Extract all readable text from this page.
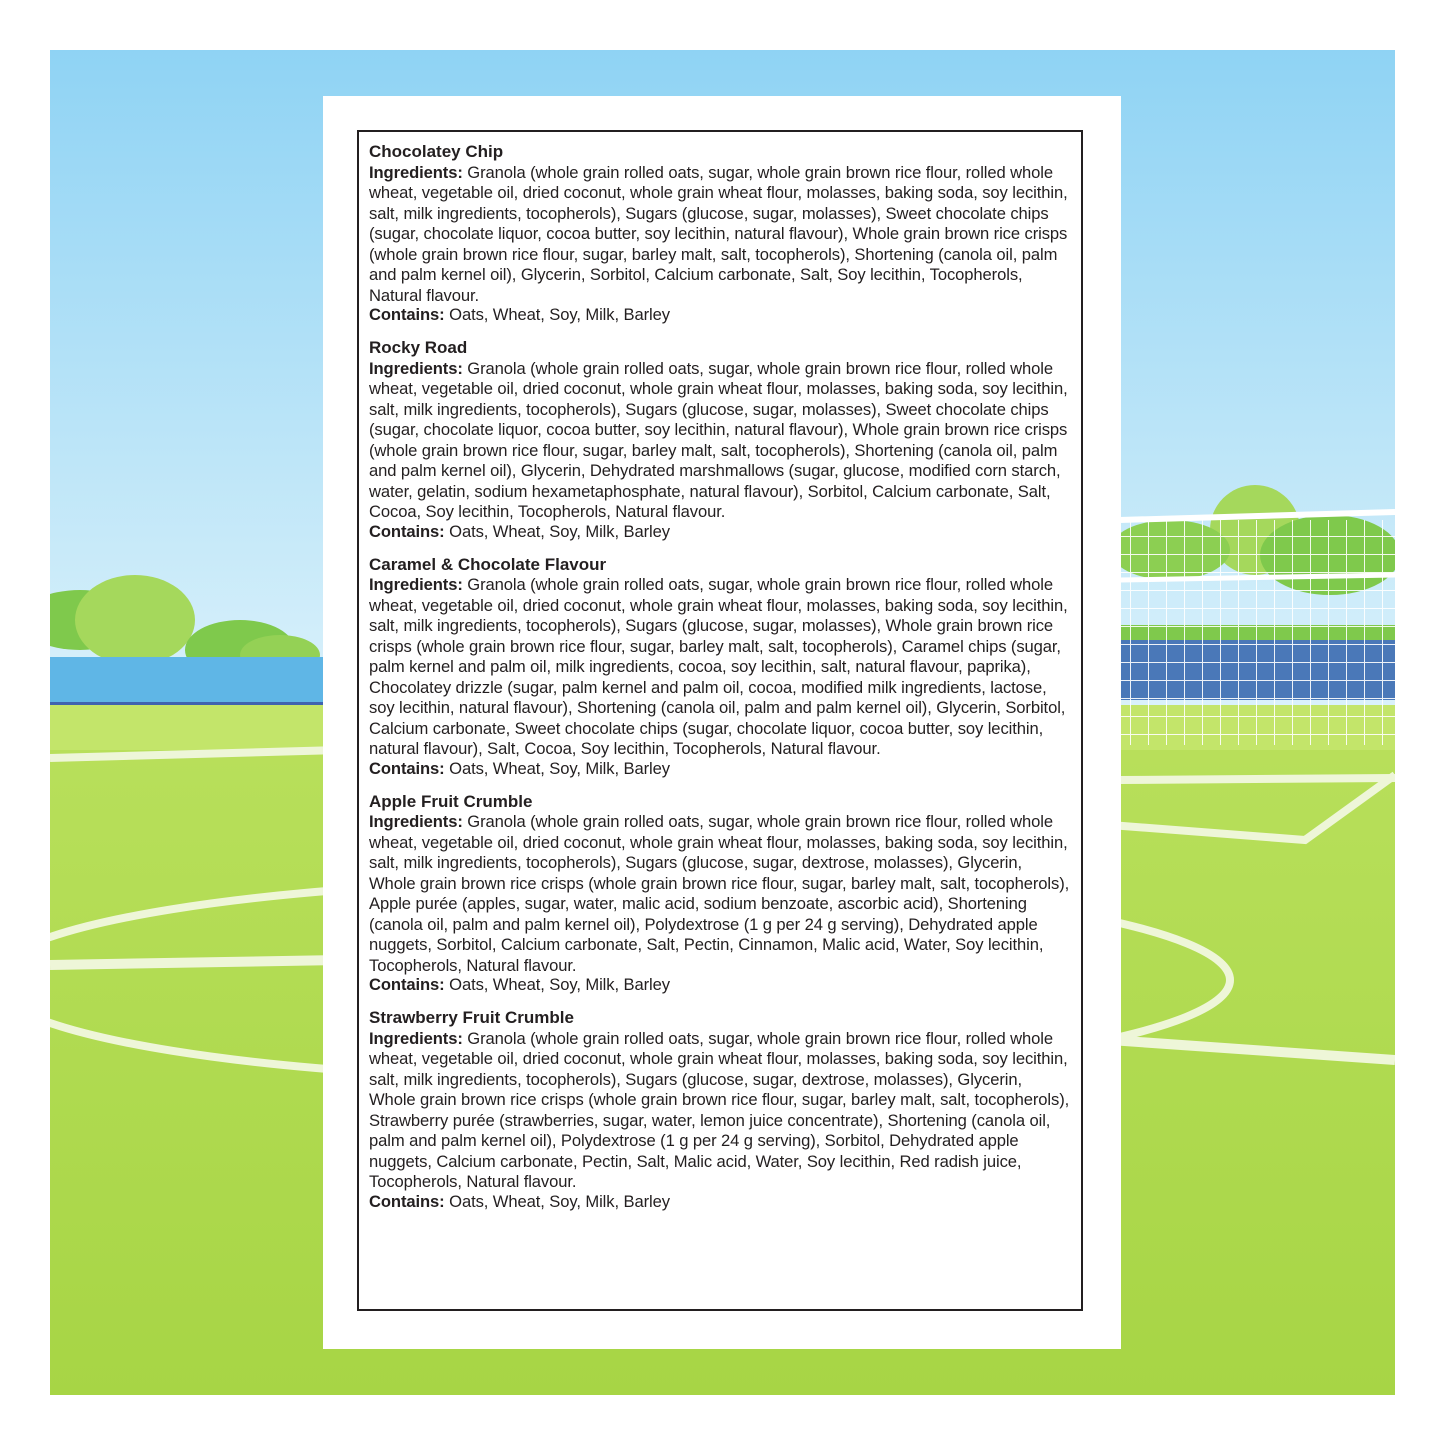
Chocolatey Chip

Ingredients: Granola (whole grain rolled oats, sugar, whole grain brown rice flour, rolled whole wheat, vegetable oil, dried coconut, whole grain wheat flour, molasses, baking soda, soy lecithin, salt, milk ingredients, tocopherols), Sugars (glucose, sugar, molasses), Sweet chocolate chips (sugar, chocolate liquor, cocoa butter, soy lecithin, natural flavour), Whole grain brown rice crisps (whole grain brown rice flour, sugar, barley malt, salt, tocopherols), Shortening (canola oil, palm and palm kernel oil), Glycerin, Sorbitol, Calcium carbonate, Salt, Soy lecithin, Tocopherols, Natural flavour.

Contains: Oats, Wheat, Soy, Milk, Barley

Rocky Road

Ingredients: Granola (whole grain rolled oats, sugar, whole grain brown rice flour, rolled whole wheat, vegetable oil, dried coconut, whole grain wheat flour, molasses, baking soda, soy lecithin, salt, milk ingredients, tocopherols), Sugars (glucose, sugar, molasses), Sweet chocolate chips (sugar, chocolate liquor, cocoa butter, soy lecithin, natural flavour), Whole grain brown rice crisps (whole grain brown rice flour, sugar, barley malt, salt, tocopherols), Shortening (canola oil, palm and palm kernel oil), Glycerin, Dehydrated marshmallows (sugar, glucose, modified corn starch, water, gelatin, sodium hexametaphosphate, natural flavour), Sorbitol, Calcium carbonate, Salt, Cocoa, Soy lecithin, Tocopherols, Natural flavour.

Contains: Oats, Wheat, Soy, Milk, Barley

Caramel & Chocolate Flavour

Ingredients: Granola (whole grain rolled oats, sugar, whole grain brown rice flour, rolled whole wheat, vegetable oil, dried coconut, whole grain wheat flour, molasses, baking soda, soy lecithin, salt, milk ingredients, tocopherols), Sugars (glucose, sugar, molasses), Whole grain brown rice crisps (whole grain brown rice flour, sugar, barley malt, salt, tocopherols), Caramel chips (sugar, palm kernel and palm oil, milk ingredients, cocoa, soy lecithin, salt, natural flavour, paprika), Chocolatey drizzle (sugar, palm kernel and palm oil, cocoa, modified milk ingredients, lactose, soy lecithin, natural flavour), Shortening (canola oil, palm and palm kernel oil), Glycerin, Sorbitol, Calcium carbonate, Sweet chocolate chips (sugar, chocolate liquor, cocoa butter, soy lecithin, natural flavour), Salt, Cocoa, Soy lecithin, Tocopherols, Natural flavour.

Contains: Oats, Wheat, Soy, Milk, Barley

Apple Fruit Crumble

Ingredients: Granola (whole grain rolled oats, sugar, whole grain brown rice flour, rolled whole wheat, vegetable oil, dried coconut, whole grain wheat flour, molasses, baking soda, soy lecithin, salt, milk ingredients, tocopherols), Sugars (glucose, sugar, dextrose, molasses), Glycerin, Whole grain brown rice crisps (whole grain brown rice flour, sugar, barley malt, salt, tocopherols), Apple purée (apples, sugar, water, malic acid, sodium benzoate, ascorbic acid), Shortening (canola oil, palm and palm kernel oil), Polydextrose (1 g per 24 g serving), Dehydrated apple nuggets, Sorbitol, Calcium carbonate, Salt, Pectin, Cinnamon, Malic acid, Water, Soy lecithin, Tocopherols, Natural flavour.

Contains: Oats, Wheat, Soy, Milk, Barley

Strawberry Fruit Crumble

Ingredients: Granola (whole grain rolled oats, sugar, whole grain brown rice flour, rolled whole wheat, vegetable oil, dried coconut, whole grain wheat flour, molasses, baking soda, soy lecithin, salt, milk ingredients, tocopherols), Sugars (glucose, sugar, dextrose, molasses), Glycerin, Whole grain brown rice crisps (whole grain brown rice flour, sugar, barley malt, salt, tocopherols), Strawberry purée (strawberries, sugar, water, lemon juice concentrate), Shortening (canola oil, palm and palm kernel oil), Polydextrose (1 g per 24 g serving), Sorbitol, Dehydrated apple nuggets, Calcium carbonate, Pectin, Salt, Malic acid, Water, Soy lecithin, Red radish juice, Tocopherols, Natural flavour.

Contains: Oats, Wheat, Soy, Milk, Barley
